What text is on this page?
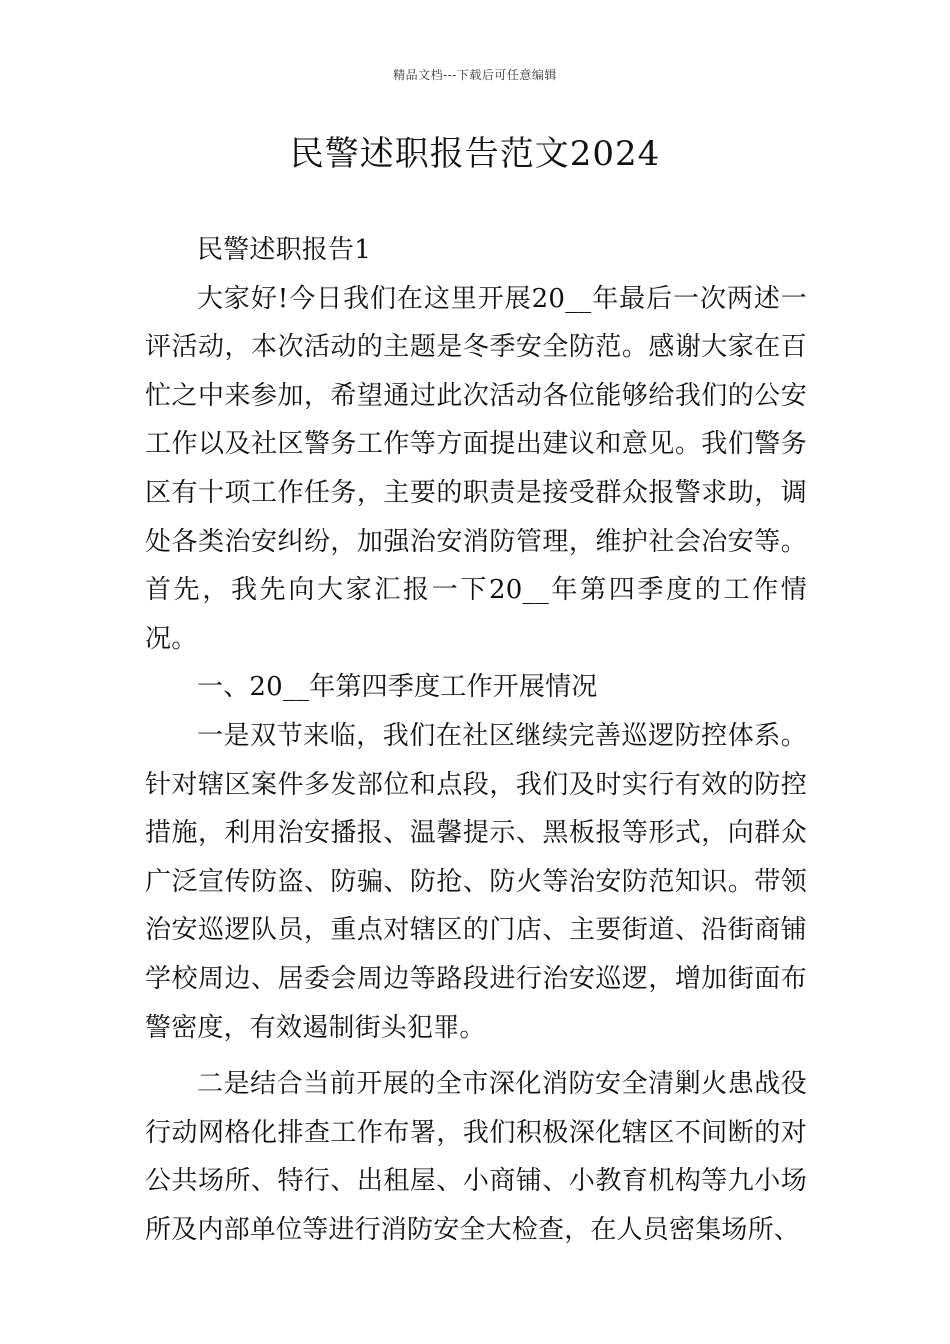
精品文档---下载后可任意编辑
民警述职报告范文2024

民警述职报告1

大家好!今日我们在这里开展20__年最后一次两述一评活动，本次活动的主题是冬季安全防范。感谢大家在百忙之中来参加，希望通过此次活动各位能够给我们的公安工作以及社区警务工作等方面提出建议和意见。我们警务区有十项工作任务，主要的职责是接受群众报警求助，调处各类治安纠纷，加强治安消防管理，维护社会冶安等。首先，我先向大家汇报一下20__年第四季度的工作情况。

一、20__年第四季度工作开展情况

一是双节来临，我们在社区继续完善巡逻防控体系。针对辖区案件多发部位和点段，我们及时实行有效的防控措施，利用治安播报、温馨提示、黑板报等形式，向群众广泛宣传防盗、防骗、防抢、防火等治安防范知识。带领治安巡逻队员，重点对辖区的门店、主要街道、沿街商铺学校周边、居委会周边等路段进行治安巡逻，增加街面布警密度，有效遏制街头犯罪。

二是结合当前开展的全市深化消防安全清剿火患战役行动网格化排查工作布署，我们积极深化辖区不间断的对公共场所、特行、出租屋、小商铺、小教育机构等九小场所及内部单位等进行消防安全大检查，在人员密集场所、
